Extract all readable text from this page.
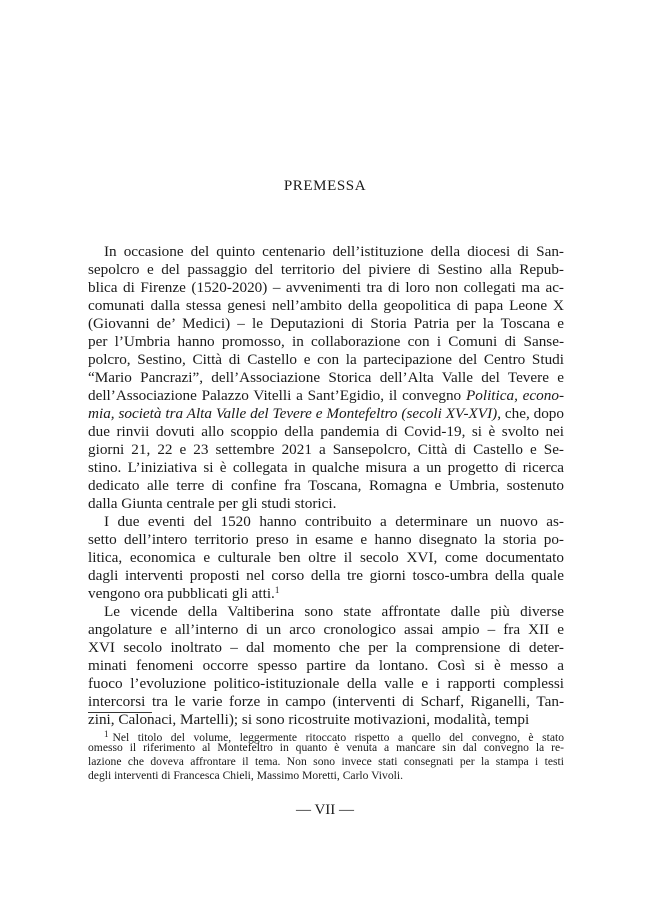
PREMESSA
In occasione del quinto centenario dell’istituzione della diocesi di San-
sepolcro e del passaggio del territorio del piviere di Sestino alla Repub-
blica di Firenze (1520-2020) – avvenimenti tra di loro non collegati ma ac-
comunati dalla stessa genesi nell’ambito della geopolitica di papa Leone X
(Giovanni de’ Medici) – le Deputazioni di Storia Patria per la Toscana e
per l’Umbria hanno promosso, in collaborazione con i Comuni di Sanse-
polcro, Sestino, Città di Castello e con la partecipazione del Centro Studi
“Mario Pancrazi”, dell’Associazione Storica dell’Alta Valle del Tevere e
dell’Associazione Palazzo Vitelli a Sant’Egidio, il convegno Politica, econo-
mia, società tra Alta Valle del Tevere e Montefeltro (secoli XV-XVI), che, dopo
due rinvii dovuti allo scoppio della pandemia di Covid-19, si è svolto nei
giorni 21, 22 e 23 settembre 2021 a Sansepolcro, Città di Castello e Se-
stino. L’iniziativa si è collegata in qualche misura a un progetto di ricerca
dedicato alle terre di confine fra Toscana, Romagna e Umbria, sostenuto
dalla Giunta centrale per gli studi storici.
I due eventi del 1520 hanno contribuito a determinare un nuovo as-
setto dell’intero territorio preso in esame e hanno disegnato la storia po-
litica, economica e culturale ben oltre il secolo XVI, come documentato
dagli interventi proposti nel corso della tre giorni tosco-umbra della quale
vengono ora pubblicati gli atti.$^1$
Le vicende della Valtiberina sono state affrontate dalle più diverse
angolature e all’interno di un arco cronologico assai ampio – fra XII e
XVI secolo inoltrato – dal momento che per la comprensione di deter-
minati fenomeni occorre spesso partire da lontano. Così si è messo a
fuoco l’evoluzione politico-istituzionale della valle e i rapporti complessi
intercorsi tra le varie forze in campo (interventi di Scharf, Riganelli, Tan-
zini, Calonaci, Martelli); si sono ricostruite motivazioni, modalità, tempi
$^1$ Nel titolo del volume, leggermente ritoccato rispetto a quello del convegno, è stato
omesso il riferimento al Montefeltro in quanto è venuta a mancare sin dal convegno la re-
lazione che doveva affrontare il tema. Non sono invece stati consegnati per la stampa i testi
degli interventi di Francesca Chieli, Massimo Moretti, Carlo Vivoli.
— VII —
